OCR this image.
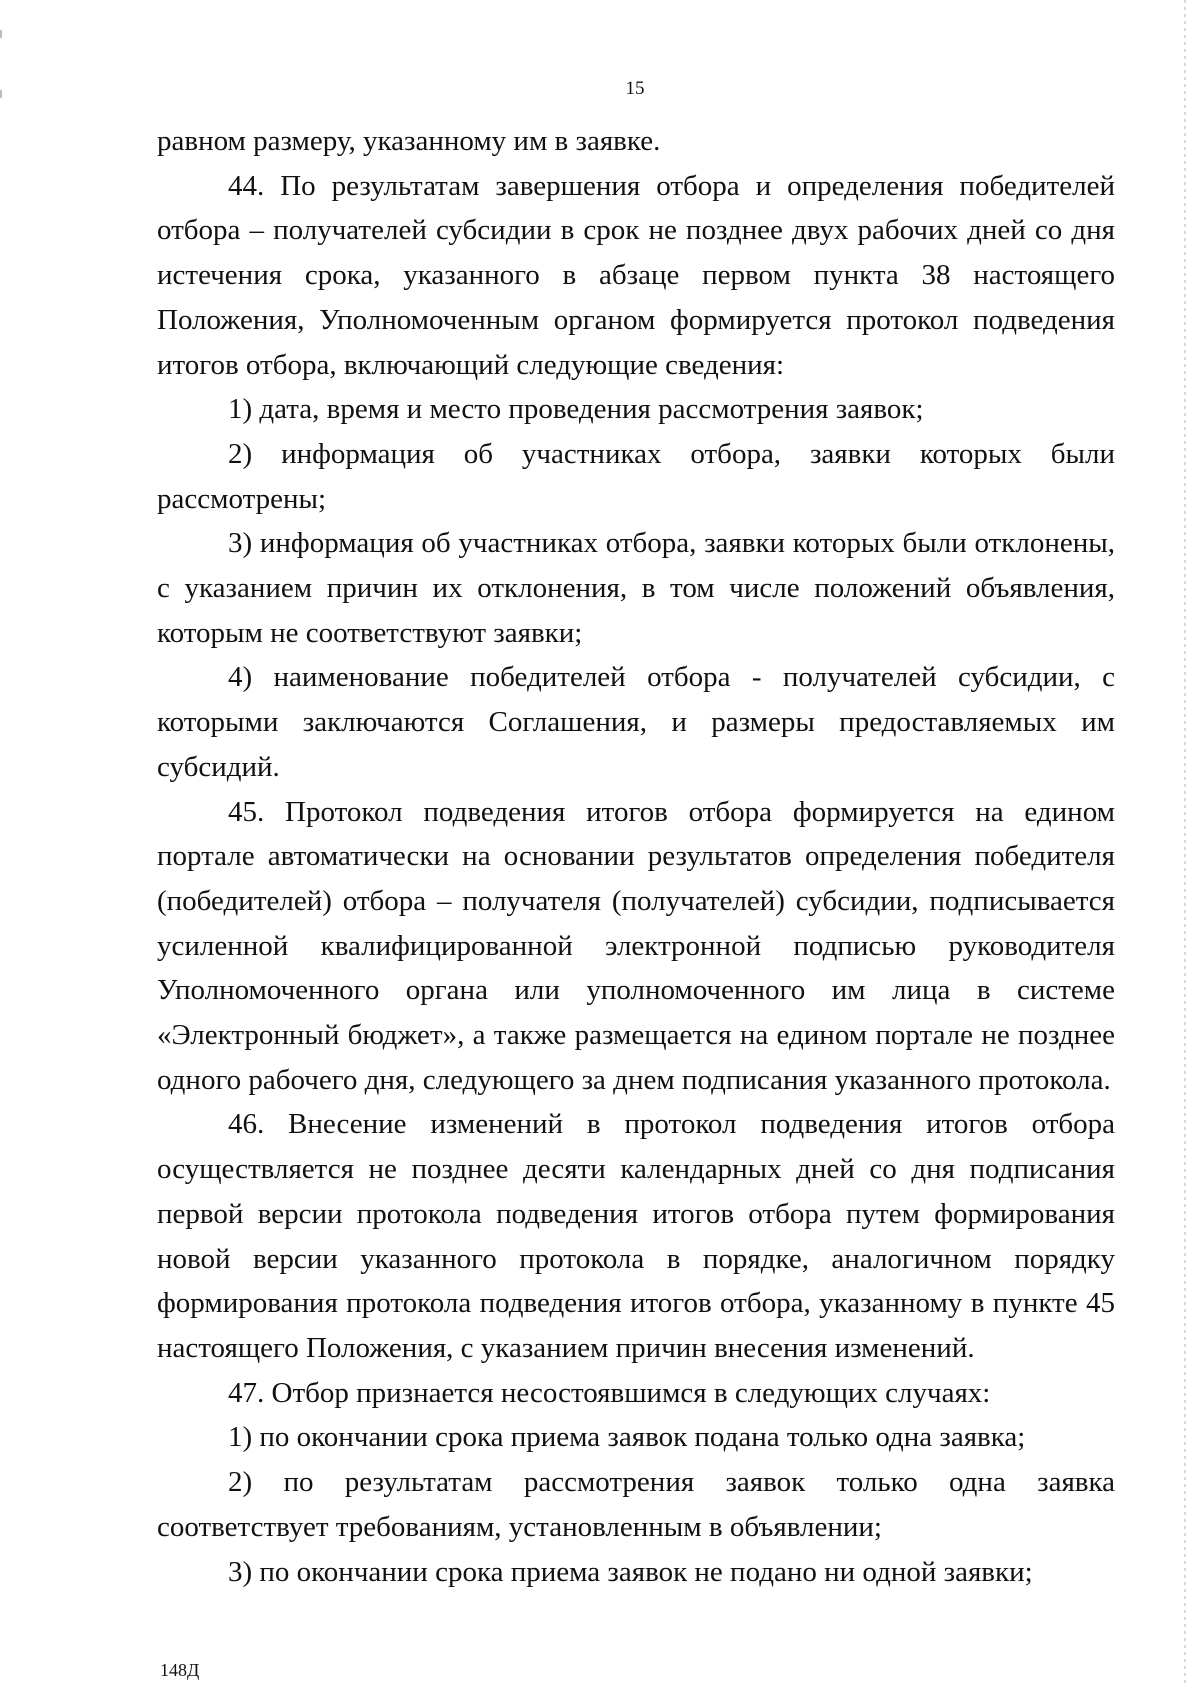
15

равном размеру, указанному им в заявке.

44. По результатам завершения отбора и определения победителей отбора – получателей субсидии в срок не позднее двух рабочих дней со дня истечения срока, указанного в абзаце первом пункта 38 настоящего Положения, Уполномоченным органом формируется протокол подведения итогов отбора, включающий следующие сведения:

1) дата, время и место проведения рассмотрения заявок;

2) информация об участниках отбора, заявки которых были рассмотрены;

3) информация об участниках отбора, заявки которых были отклонены, с указанием причин их отклонения, в том числе положений объявления, которым не соответствуют заявки;

4) наименование победителей отбора - получателей субсидии, с которыми заключаются Соглашения, и размеры предоставляемых им субсидий.

45. Протокол подведения итогов отбора формируется на едином портале автоматически на основании результатов определения победителя (победителей) отбора – получателя (получателей) субсидии, подписывается усиленной квалифицированной электронной подписью руководителя Уполномоченного органа или уполномоченного им лица в системе «Электронный бюджет», а также размещается на едином портале не позднее одного рабочего дня, следующего за днем подписания указанного протокола.

46. Внесение изменений в протокол подведения итогов отбора осуществляется не позднее десяти календарных дней со дня подписания первой версии протокола подведения итогов отбора путем формирования новой версии указанного протокола в порядке, аналогичном порядку формирования протокола подведения итогов отбора, указанному в пункте 45 настоящего Положения, с указанием причин внесения изменений.

47. Отбор признается несостоявшимся в следующих случаях:

1) по окончании срока приема заявок подана только одна заявка;

2) по результатам рассмотрения заявок только одна заявка соответствует требованиям, установленным в объявлении;

3) по окончании срока приема заявок не подано ни одной заявки;

148Д
